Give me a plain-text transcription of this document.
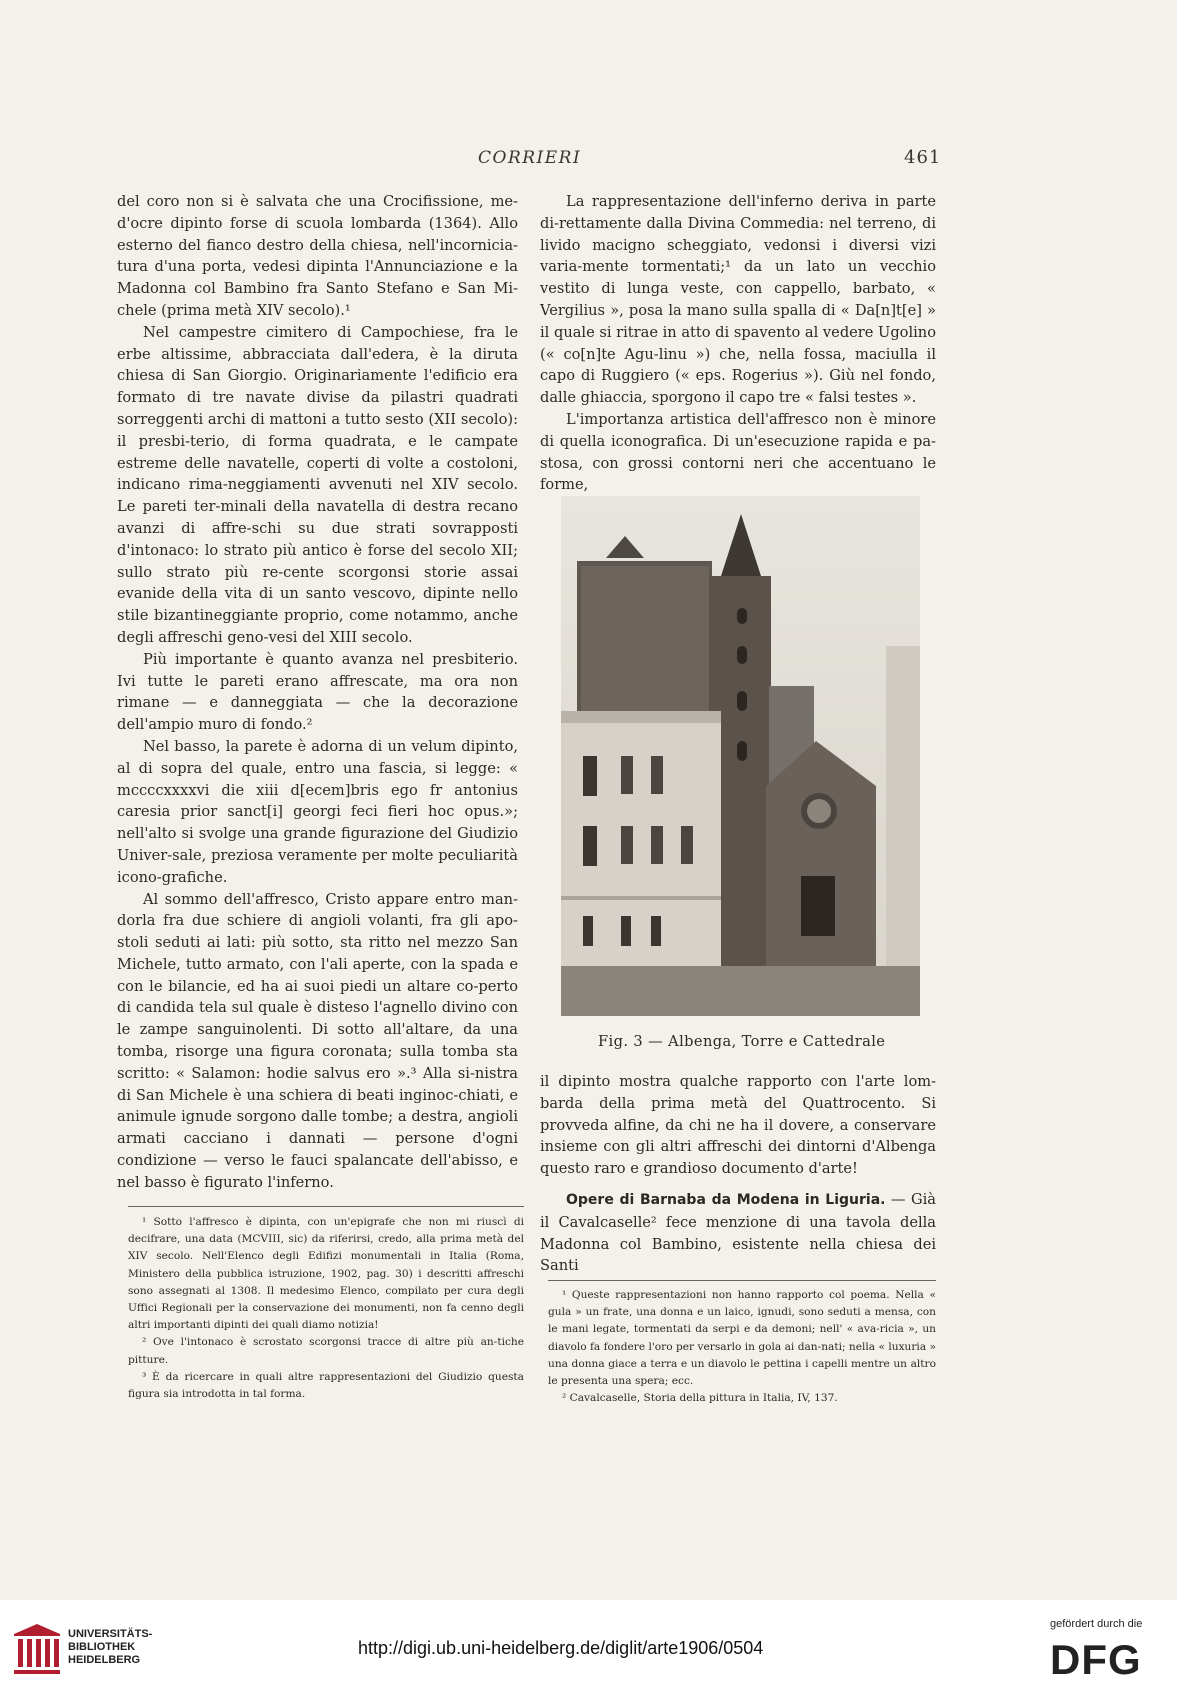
CORRIERI	461

del coro non si è salvata che una Crocifissione, me-d'ocre dipinto forse di scuola lombarda (1364). Allo esterno del fianco destro della chiesa, nell'incornicia-tura d'una porta, vedesi dipinta l'Annunciazione e la Madonna col Bambino fra Santo Stefano e San Mi-chele (prima metà XIV secolo).¹

Nel campestre cimitero di Campochiese, fra le erbe altissime, abbracciata dall'edera, è la diruta chiesa di San Giorgio. Originariamente l'edificio era formato di tre navate divise da pilastri quadrati sorreggenti archi di mattoni a tutto sesto (XII secolo): il presbi-terio, di forma quadrata, e le campate estreme delle navatelle, coperti di volte a costoloni, indicano rima-neggiamenti avvenuti nel XIV secolo. Le pareti ter-minali della navatella di destra recano avanzi di affre-schi su due strati sovrapposti d'intonaco: lo strato più antico è forse del secolo XII; sullo strato più re-cente scorgonsi storie assai evanide della vita di un santo vescovo, dipinte nello stile bizantineggiante proprio, come notammo, anche degli affreschi geno-vesi del XIII secolo.

Più importante è quanto avanza nel presbiterio. Ivi tutte le pareti erano affrescate, ma ora non rimane — e danneggiata — che la decorazione dell'ampio muro di fondo.²

Nel basso, la parete è adorna di un velum dipinto, al di sopra del quale, entro una fascia, si legge: « mcccсxxxxvi die xiii d[ecem]bris ego fr antonius caresia prior sanct[i] georgi feci fieri hoc opus.»; nell'alto si svolge una grande figurazione del Giudizio Univer-sale, preziosa veramente per molte peculiarità icono-grafiche.

Al sommo dell'affresco, Cristo appare entro man-dorla fra due schiere di angioli volanti, fra gli apo-stoli seduti ai lati: più sotto, sta ritto nel mezzo San Michele, tutto armato, con l'ali aperte, con la spada e con le bilancie, ed ha ai suoi piedi un altare co-perto di candida tela sul quale è disteso l'agnello divino con le zampe sanguinolenti. Di sotto all'altare, da una tomba, risorge una figura coronata; sulla tomba sta scritto: « Salamon: hodie salvus ero ».³ Alla si-nistra di San Michele è una schiera di beati inginoc-chiati, e animule ignude sorgono dalle tombe; a destra, angioli armati cacciano i dannati — persone d'ogni condizione — verso le fauci spalancate dell'abisso, e nel basso è figurato l'inferno.

La rappresentazione dell'inferno deriva in parte di-rettamente dalla Divina Commedia: nel terreno, di livido macigno scheggiato, vedonsi i diversi vizi varia-mente tormentati;¹ da un lato un vecchio vestito di lunga veste, con cappello, barbato, « Vergilius », posa la mano sulla spalla di « Da[n]t[e] » il quale si ritrae in atto di spavento al vedere Ugolino (« co[n]te Agu-linu ») che, nella fossa, maciulla il capo di Ruggiero (« eps. Rogerius »). Giù nel fondo, dalle ghiaccia, sporgono il capo tre « falsi testes ».

L'importanza artistica dell'affresco non è minore di quella iconografica. Di un'esecuzione rapida e pa-stosa, con grossi contorni neri che accentuano le forme,

Fig. 3 — Albenga, Torre e Cattedrale

il dipinto mostra qualche rapporto con l'arte lom-barda della prima metà del Quattrocento. Si provveda alfine, da chi ne ha il dovere, a conservare insieme con gli altri affreschi dei dintorni d'Albenga questo raro e grandioso documento d'arte!

Opere di Barnaba da Modena in Liguria. — Già il Cavalcaselle² fece menzione di una tavola della Madonna col Bambino, esistente nella chiesa dei Santi

¹ Sotto l'affresco è dipinta, con un'epigrafe che non mi riuscì di decifrare, una data (MCVIII, sic) da riferirsi, credo, alla prima metà del XIV secolo. Nell'Elenco degli Edifizi monumentali in Italia (Roma, Ministero della pubblica istruzione, 1902, pag. 30) i descritti affreschi sono assegnati al 1308. Il medesimo Elenco, compilato per cura degli Uffici Regionali per la conservazione dei monumenti, non fa cenno degli altri importanti dipinti dei quali diamo notizia!

² Ove l'intonaco è scrostato scorgonsi tracce di altre più an-tiche pitture.

³ È da ricercare in quali altre rappresentazioni del Giudizio questa figura sia introdotta in tal forma.

¹ Queste rappresentazioni non hanno rapporto col poema. Nella « gula » un frate, una donna e un laico, ignudi, sono seduti a mensa, con le mani legate, tormentati da serpi e da demoni; nell' « ava-ricia », un diavolo fa fondere l'oro per versarlo in gola ai dan-nati; nella « luxuria » una donna giace a terra e un diavolo le pettina i capelli mentre un altro le presenta una spera; ecc.

² Cavalcaselle, Storia della pittura in Italia, IV, 137.

UNIVERSITÄTS-
BIBLIOTHEK
HEIDELBERG
http://digi.ub.uni-heidelberg.de/diglit/arte1906/0504
gefördert durch die
DFG
